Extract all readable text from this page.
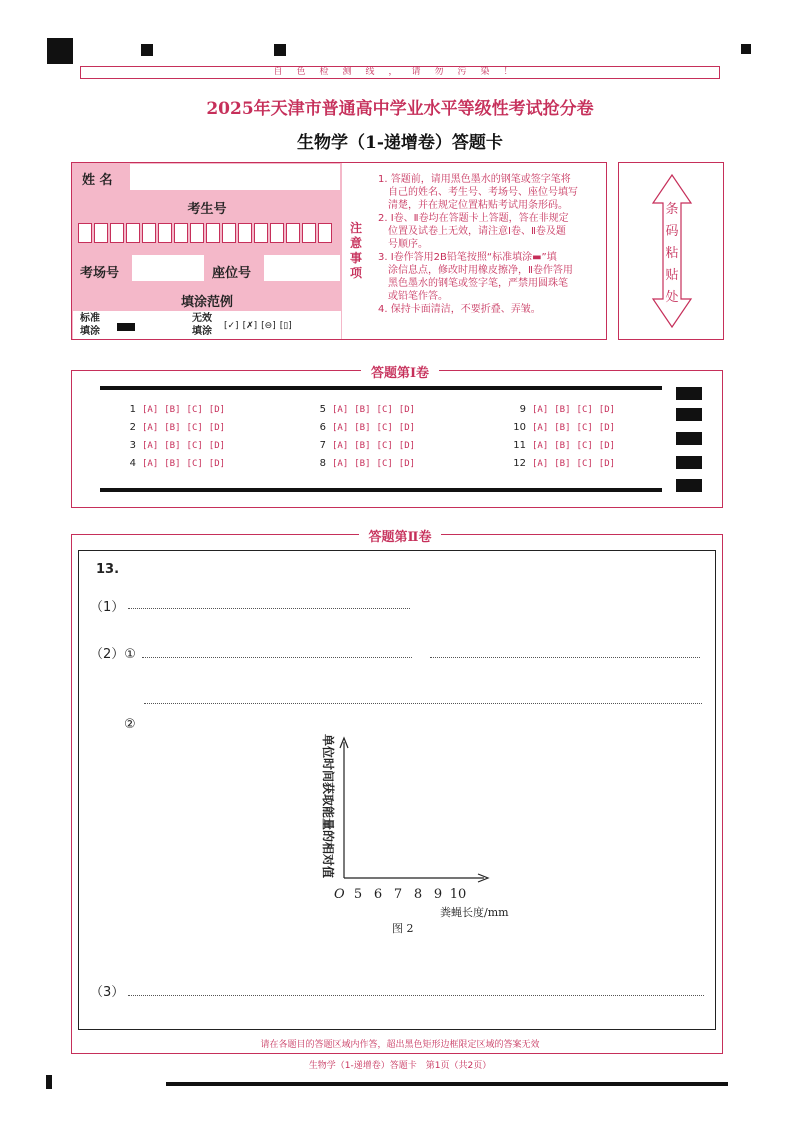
自色检测线，请勿污染！
2025年天津市普通高中学业水平等级性考试抢分卷
生物学（1-递增卷）答题卡
姓 名
考生号
考场号	座位号
填涂范例
标准
填涂
无效
填涂 [✓] [✗] [⊖] [▯]
注
意
事
项
1. 答题前，请用黑色墨水的钢笔或签字笔将
自己的姓名、考生号、考场号、座位号填写
清楚，并在规定位置粘贴考试用条形码。
2. Ⅰ卷、Ⅱ卷均在答题卡上答题，答在非规定
位置及试卷上无效，请注意Ⅰ卷、Ⅱ卷及题
号顺序。
3. Ⅰ卷作答用2B铅笔按照“标准填涂▬”填
涂信息点，修改时用橡皮擦净，Ⅱ卷作答用
黑色墨水的钢笔或签字笔，严禁用圆珠笔
或铅笔作答。
4. 保持卡面清洁，不要折叠、弄皱。
条
码
粘
贴
处
答题第Ⅰ卷
1 [A] [B] [C] [D]
2 [A] [B] [C] [D]
3 [A] [B] [C] [D]
4 [A] [B] [C] [D]
5 [A] [B] [C] [D]
6 [A] [B] [C] [D]
7 [A] [B] [C] [D]
8 [A] [B] [C] [D]
9 [A] [B] [C] [D]
10 [A] [B] [C] [D]
11 [A] [B] [C] [D]
12 [A] [B] [C] [D]
答题第Ⅱ卷
13.
（1）
（2）①
②
O 5 6 7 8 9 10
粪蝇长度/mm
图 2
单位时间获取能量的相对值
（3）
请在各题目的答题区域内作答，超出黑色矩形边框限定区域的答案无效
生物学（1-递增卷）答题卡　第1页（共2页）
